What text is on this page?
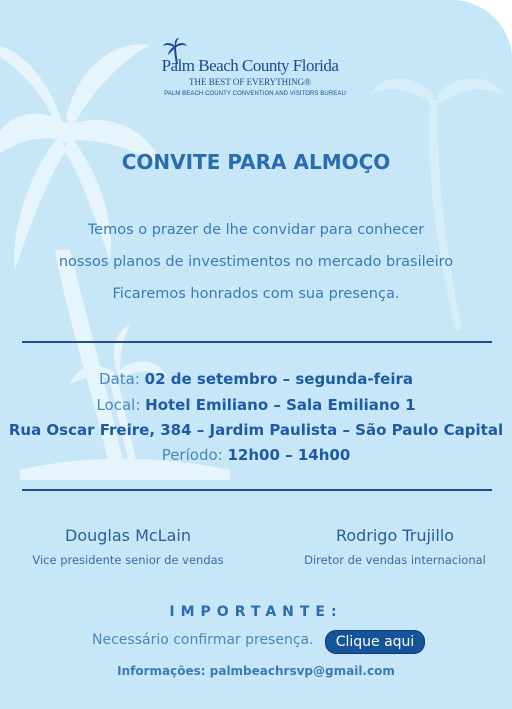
Palm Beach County Florida
THE BEST OF EVERYTHING®
PALM BEACH COUNTY CONVENTION AND VISITORS BUREAU
CONVITE PARA ALMOÇO
Temos o prazer de lhe convidar para conhecer
nossos planos de investimentos no mercado brasileiro
Ficaremos honrados com sua presença.
Data: 02 de setembro – segunda-feira
Local: Hotel Emiliano – Sala Emiliano 1
Rua Oscar Freire, 384 – Jardim Paulista – São Paulo Capital
Período: 12h00 – 14h00
Douglas McLain
Vice presidente senior de vendas
Rodrigo Trujillo
Diretor de vendas internacional
IMPORTANTE:
Necessário confirmar presença.	Clique aqui
Informações: palmbeachrsvp@gmail.com
